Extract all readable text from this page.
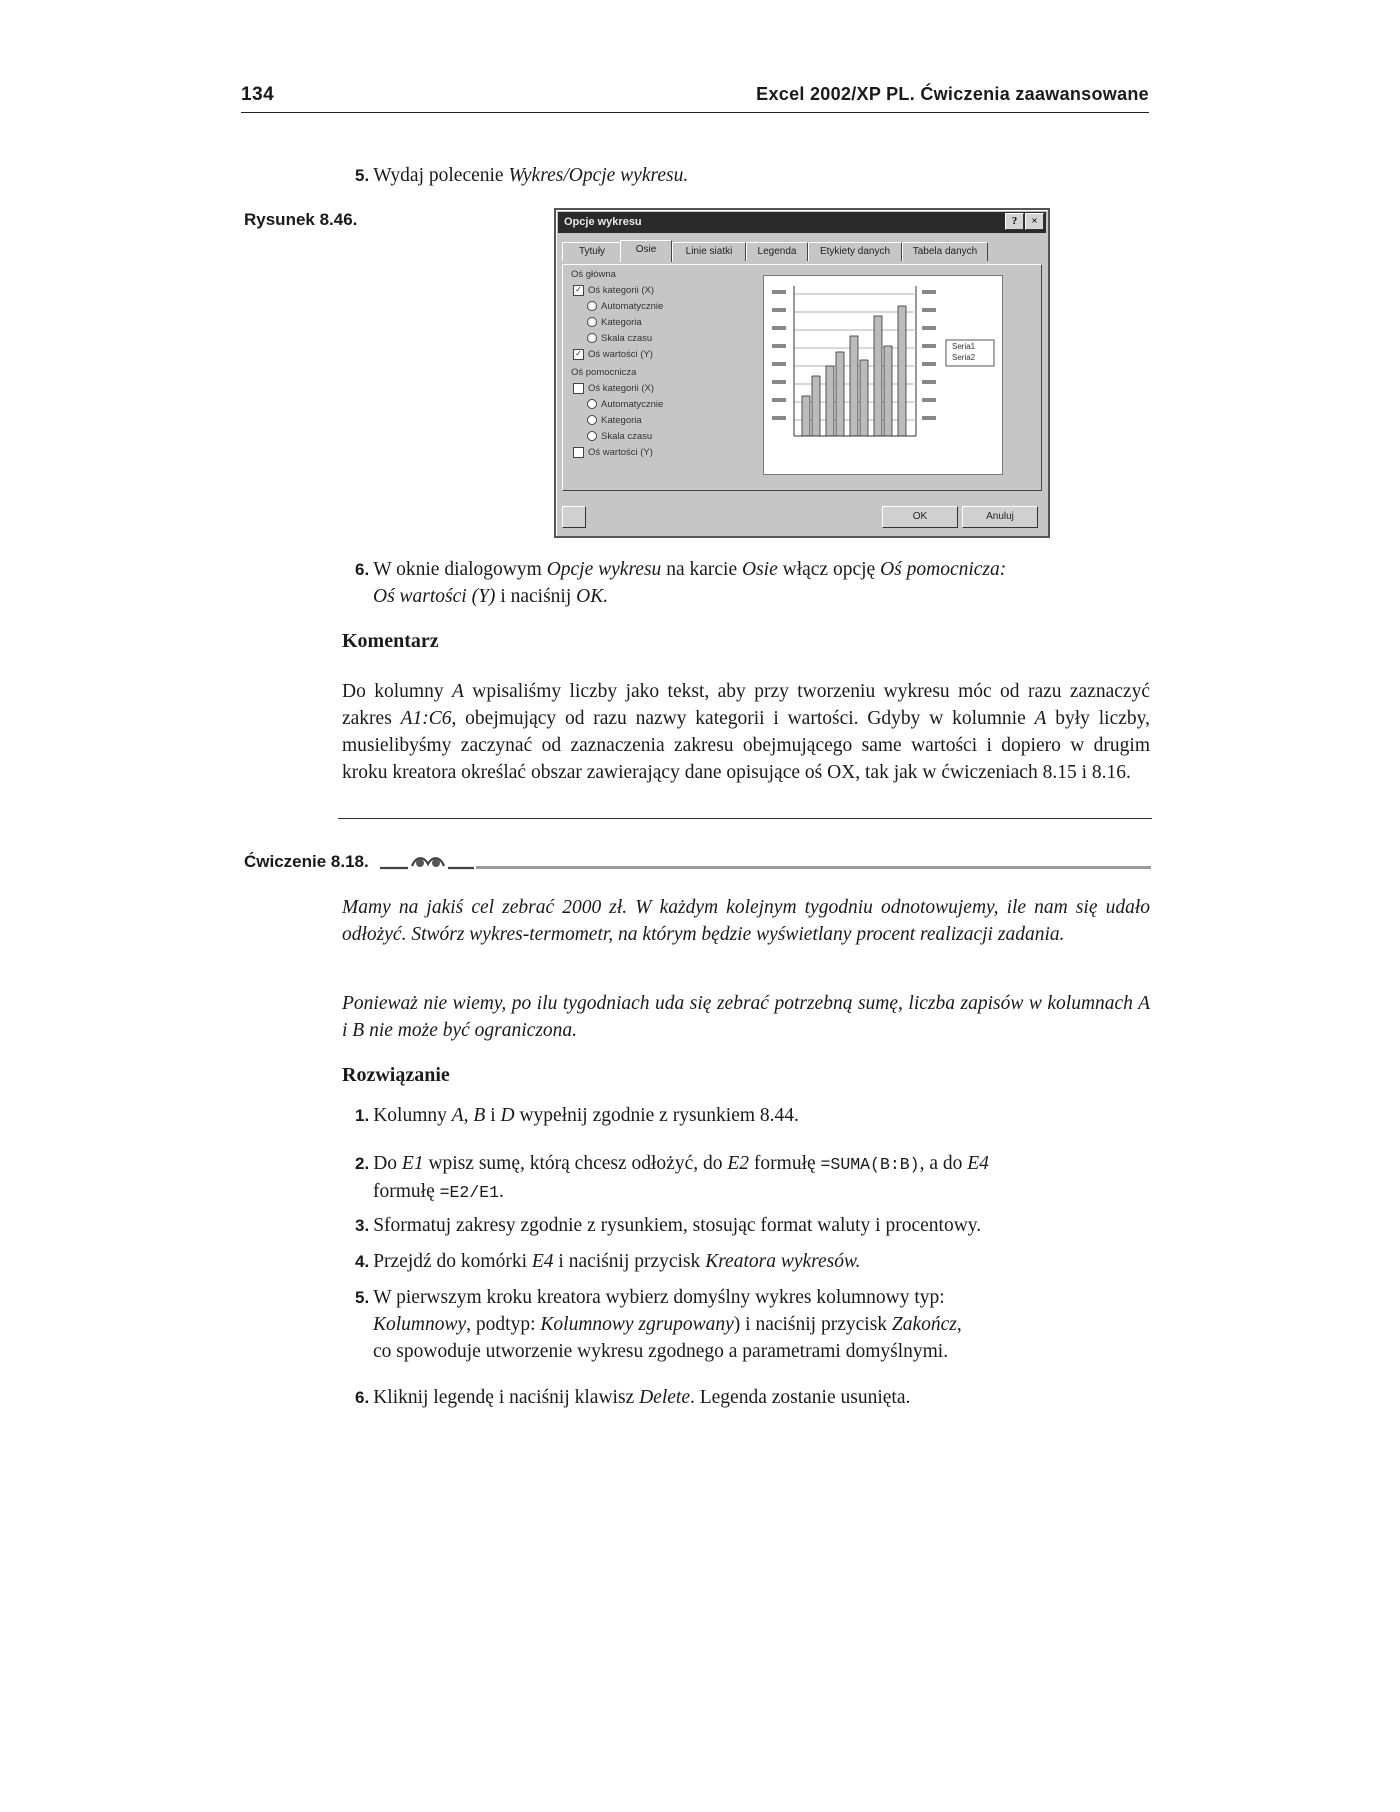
134	Excel 2002/XP PL. Ćwiczenia zaawansowane
5. Wydaj polecenie Wykres/Opcje wykresu.
Rysunek 8.46.	Opcje wykresu	?	×
Tytuły	Osie	Linie siatki	Legenda	Etykiety danych	Tabela danych
Oś główna
✓ Oś kategorii (X)
Automatycznie
Kategoria
Skala czasu
✓ Oś wartości (Y)
Oś pomocnicza
Oś kategorii (X)
Automatycznie
Kategoria
Skala czasu
Oś wartości (Y)
Seria1
Seria2
OK	Anuluj
6. W oknie dialogowym Opcje wykresu na karcie Osie włącz opcję Oś pomocnicza:
Oś wartości (Y) i naciśnij OK.
Komentarz
Do kolumny A wpisaliśmy liczby jako tekst, aby przy tworzeniu wykresu móc od razu zaznaczyć zakres A1:C6, obejmujący od razu nazwy kategorii i wartości. Gdyby w kolumnie A były liczby, musielibyśmy zaczynać od zaznaczenia zakresu obejmującego same wartości i dopiero w drugim kroku kreatora określać obszar zawierający dane opisujące oś OX, tak jak w ćwiczeniach 8.15 i 8.16.
Ćwiczenie 8.18.
Mamy na jakiś cel zebrać 2000 zł. W każdym kolejnym tygodniu odnotowujemy, ile nam się udało odłożyć. Stwórz wykres-termometr, na którym będzie wyświetlany procent realizacji zadania.
Ponieważ nie wiemy, po ilu tygodniach uda się zebrać potrzebną sumę, liczba zapisów w kolumnach A i B nie może być ograniczona.
Rozwiązanie
1. Kolumny A, B i D wypełnij zgodnie z rysunkiem 8.44.
2. Do E1 wpisz sumę, którą chcesz odłożyć, do E2 formułę =SUMA(B:B), a do E4
formułę =E2/E1.
3. Sformatuj zakresy zgodnie z rysunkiem, stosując format waluty i procentowy.
4. Przejdź do komórki E4 i naciśnij przycisk Kreatora wykresów.
5. W pierwszym kroku kreatora wybierz domyślny wykres kolumnowy typ:
Kolumnowy, podtyp: Kolumnowy zgrupowany) i naciśnij przycisk Zakończ,
co spowoduje utworzenie wykresu zgodnego a parametrami domyślnymi.
6. Kliknij legendę i naciśnij klawisz Delete. Legenda zostanie usunięta.
